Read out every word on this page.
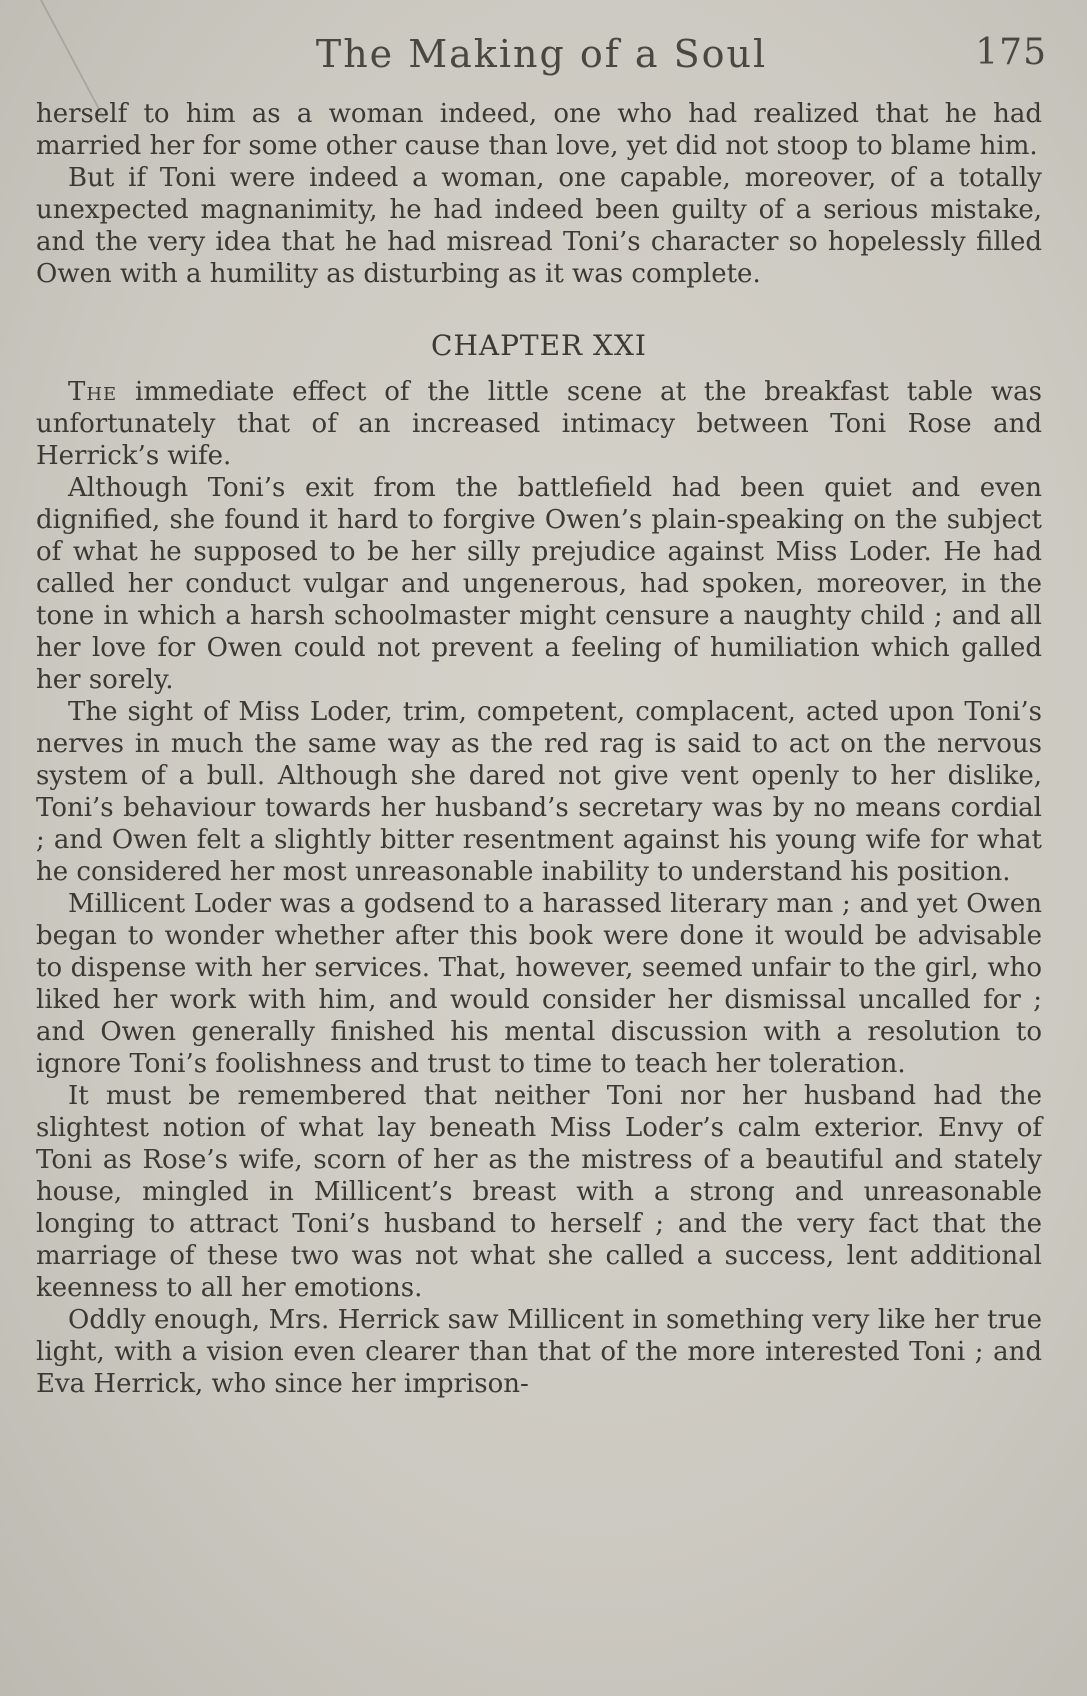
The Making of a Soul	175

herself to him as a woman indeed, one who had realized that he had married her for some other cause than love, yet did not stoop to blame him.

But if Toni were indeed a woman, one capable, moreover, of a totally unexpected magnanimity, he had indeed been guilty of a serious mistake, and the very idea that he had misread Toni’s character so hopelessly filled Owen with a humility as disturbing as it was complete.

CHAPTER XXI

The immediate effect of the little scene at the breakfast table was unfortunately that of an increased intimacy between Toni Rose and Herrick’s wife.

Although Toni’s exit from the battlefield had been quiet and even dignified, she found it hard to forgive Owen’s plain-speaking on the subject of what he supposed to be her silly prejudice against Miss Loder. He had called her conduct vulgar and ungenerous, had spoken, moreover, in the tone in which a harsh schoolmaster might censure a naughty child ; and all her love for Owen could not prevent a feeling of humiliation which galled her sorely.

The sight of Miss Loder, trim, competent, complacent, acted upon Toni’s nerves in much the same way as the red rag is said to act on the nervous system of a bull. Although she dared not give vent openly to her dislike, Toni’s behaviour towards her husband’s secretary was by no means cordial ; and Owen felt a slightly bitter resentment against his young wife for what he considered her most unreasonable inability to understand his position.

Millicent Loder was a godsend to a harassed literary man ; and yet Owen began to wonder whether after this book were done it would be advisable to dispense with her services. That, however, seemed unfair to the girl, who liked her work with him, and would consider her dismissal uncalled for ; and Owen generally finished his mental discussion with a resolution to ignore Toni’s foolishness and trust to time to teach her toleration.

It must be remembered that neither Toni nor her husband had the slightest notion of what lay beneath Miss Loder’s calm exterior. Envy of Toni as Rose’s wife, scorn of her as the mistress of a beautiful and stately house, mingled in Millicent’s breast with a strong and unreasonable longing to attract Toni’s husband to herself ; and the very fact that the marriage of these two was not what she called a success, lent additional keenness to all her emotions.

Oddly enough, Mrs. Herrick saw Millicent in something very like her true light, with a vision even clearer than that of the more interested Toni ; and Eva Herrick, who since her imprison-
